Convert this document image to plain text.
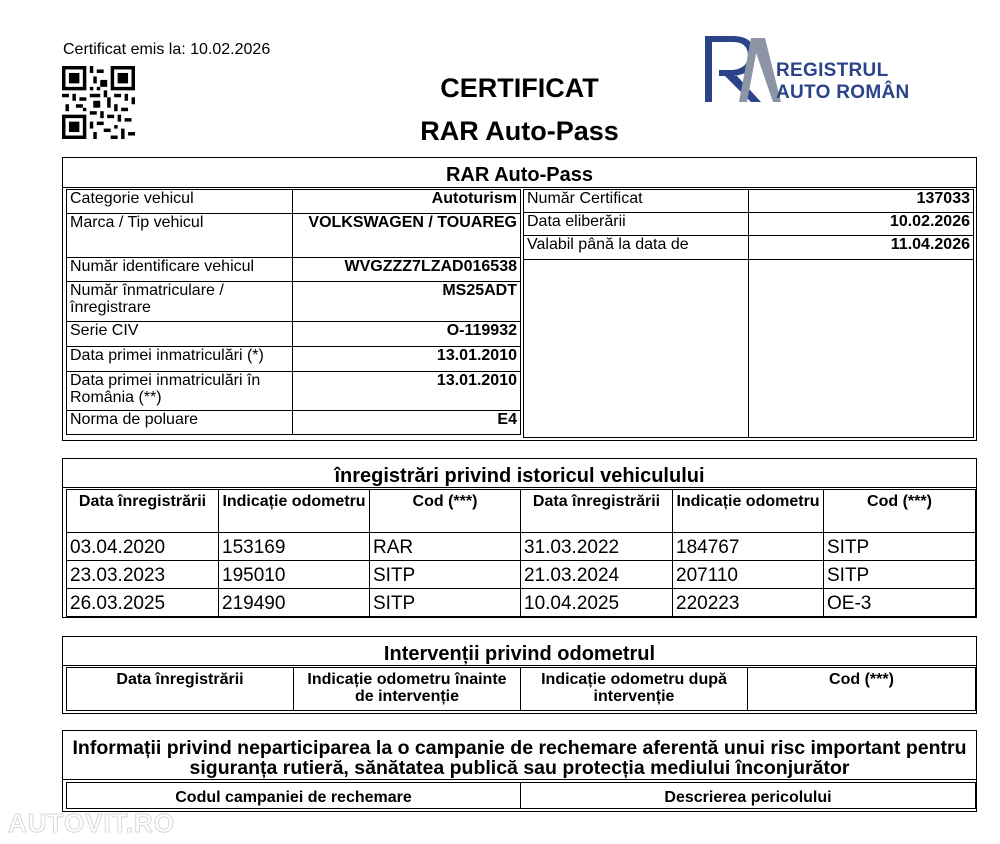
Certificat emis la: 10.02.2026
CERTIFICAT
RAR Auto-Pass
REGISTRUL
AUTO ROMÂN
RAR Auto-Pass
Categorie vehicul	Autoturism
Marca / Tip vehicul	VOLKSWAGEN / TOUAREG
Număr identificare vehicul	WVGZZZ7LZAD016538
Număr înmatriculare / înregistrare	MS25ADT
Serie CIV	O-119932
Data primei inmatriculări (*)	13.01.2010
Data primei inmatriculări în România (**)	13.01.2010
Norma de poluare	E4
Număr Certificat	137033
Data eliberării	10.02.2026
Valabil până la data de	11.04.2026

înregistrări privind istoricul vehiculului
Data înregistrării	Indicație odometru	Cod (***)	Data înregistrării	Indicație odometru	Cod (***)
03.04.2020	153169	RAR	31.03.2022	184767	SITP
23.03.2023	195010	SITP	21.03.2024	207110	SITP
26.03.2025	219490	SITP	10.04.2025	220223	OE-3
Intervenții privind odometrul
Data înregistrării	Indicație odometru înainte de intervenție	Indicație odometru după intervenție	Cod (***)
Informații privind neparticiparea la o campanie de rechemare aferentă unui risc important pentru siguranța rutieră, sănătatea publică sau protecția mediului înconjurător
Codul campaniei de rechemare	Descrierea pericolului
AUTOVIT.RO
